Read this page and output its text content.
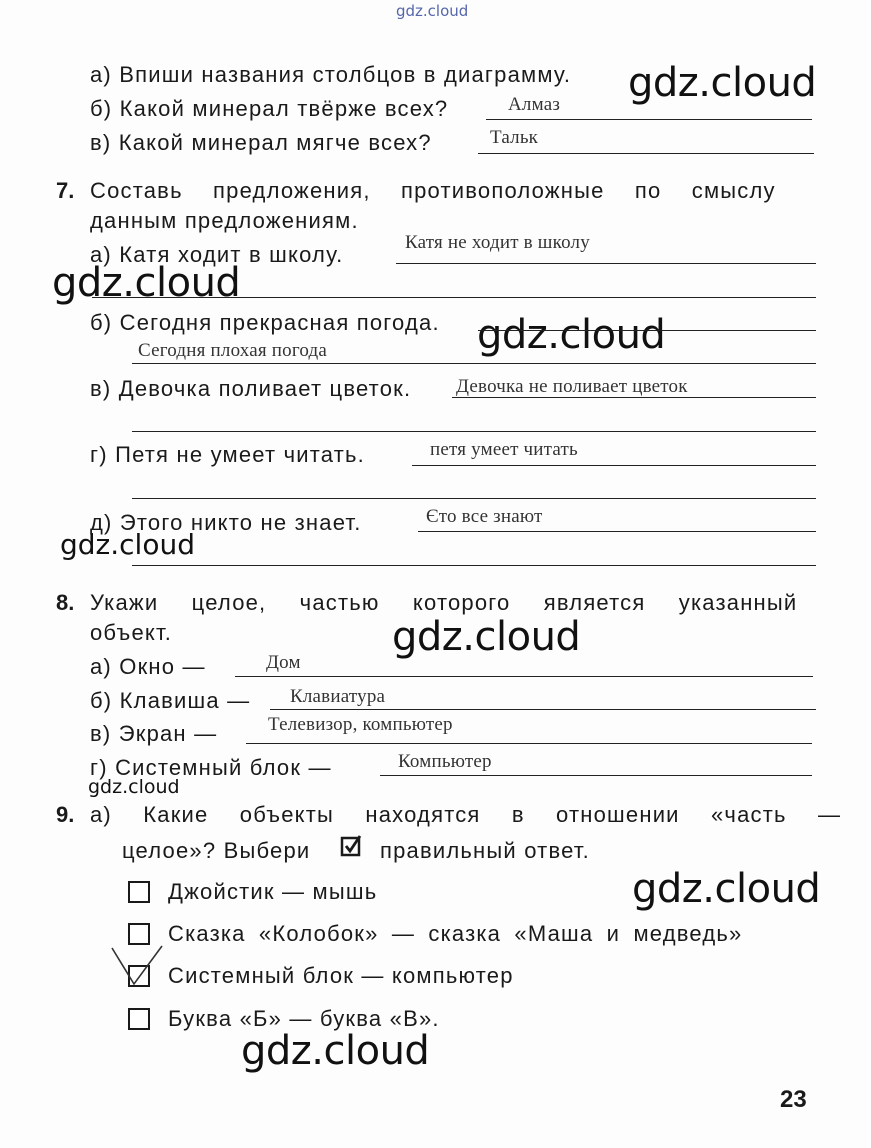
gdz.cloud
gdz.cloud
gdz.cloud
gdz.cloud
gdz.cloud
gdz.cloud
gdz.cloud
gdz.cloud
gdz.cloud
а) Впиши названия столбцов в диаграмму.
б) Какой минерал твёрже всех?	Алмаз
в) Какой минерал мягче всех?	Тальк
7. Составь предложения, противоположные по смыслу
данным предложениям.
а) Катя ходит в школу.	Катя не ходит в школу
б) Сегодня прекрасная погода.
Сегодня плохая погода
в) Девочка поливает цветок. Девочка не поливает цветок
г) Петя не умеет читать.	петя умеет читать
д) Этого никто не знает.	Єто все знают
8. Укажи целое, частью которого является указанный
объект.
а) Окно —	Дом
б) Клавиша — Клавиатура
в) Экран —	Телевизор, компьютер
г) Системный блок —	Компьютер
9. а) Какие объекты находятся в отношении «часть —
целое»? Выбери	правильный ответ.
Джойстик — мышь
Сказка «Колобок» — сказка «Маша и медведь»
Системный блок — компьютер
Буква «Б» — буква «В».
23
